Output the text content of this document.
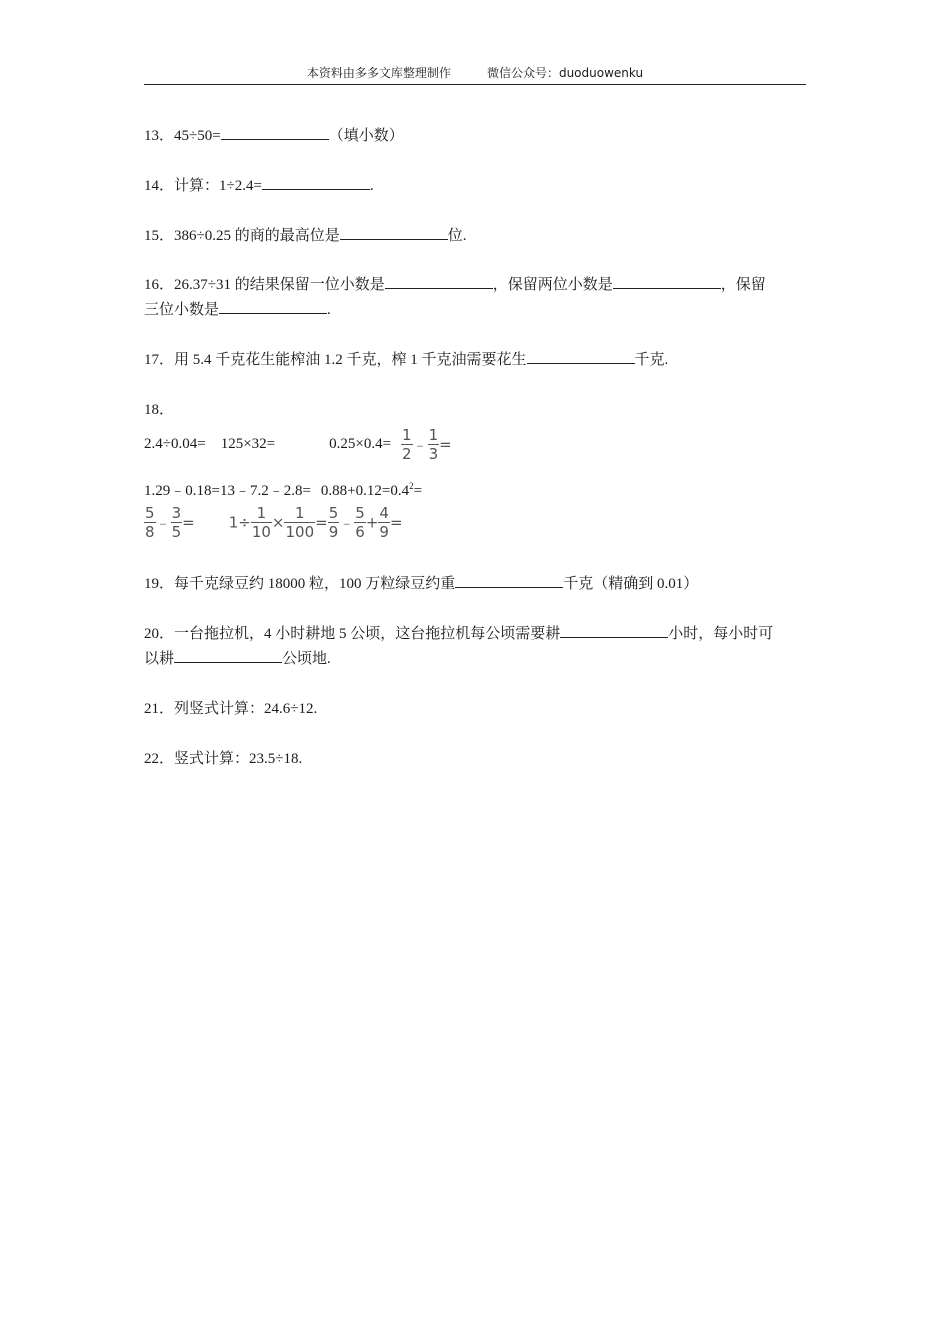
本资料由多多文库整理制作	微信公众号：duoduowenku
13．45÷50=	（填小数）
14．计算：1÷2.4=	.
15．386÷0.25 的商的最高位是	位.
16．26.37÷31 的结果保留一位小数是	，保留两位小数是	，保留
三位小数是	.
17．用 5.4 千克花生能榨油 1.2 千克，榨 1 千克油需要花生	千克.
18．
2.4÷0.04= 125×32=	$0.25\times 0.4= \frac{1}{2}$ ﹣ $\frac{1}{3}$ =
1.29﹣0.18=13﹣7.2﹣2.8= $0.88+0.12=0.4^2=$
$\frac{5}{8}$ ﹣ $\frac{3}{5} = 1\div \frac{1}{10} \times \frac{1}{100} = \frac{5}{9}$ ﹣ $\frac{5}{6} + \frac{4}{9}$ =
19．每千克绿豆约 18000 粒，100 万粒绿豆约重	千克（精确到 0.01）
20．一台拖拉机，4 小时耕地 5 公顷，这台拖拉机每公顷需要耕	小时，每小时可
以耕	公顷地.
21．列竖式计算：24.6÷12.
22．竖式计算：23.5÷18.
